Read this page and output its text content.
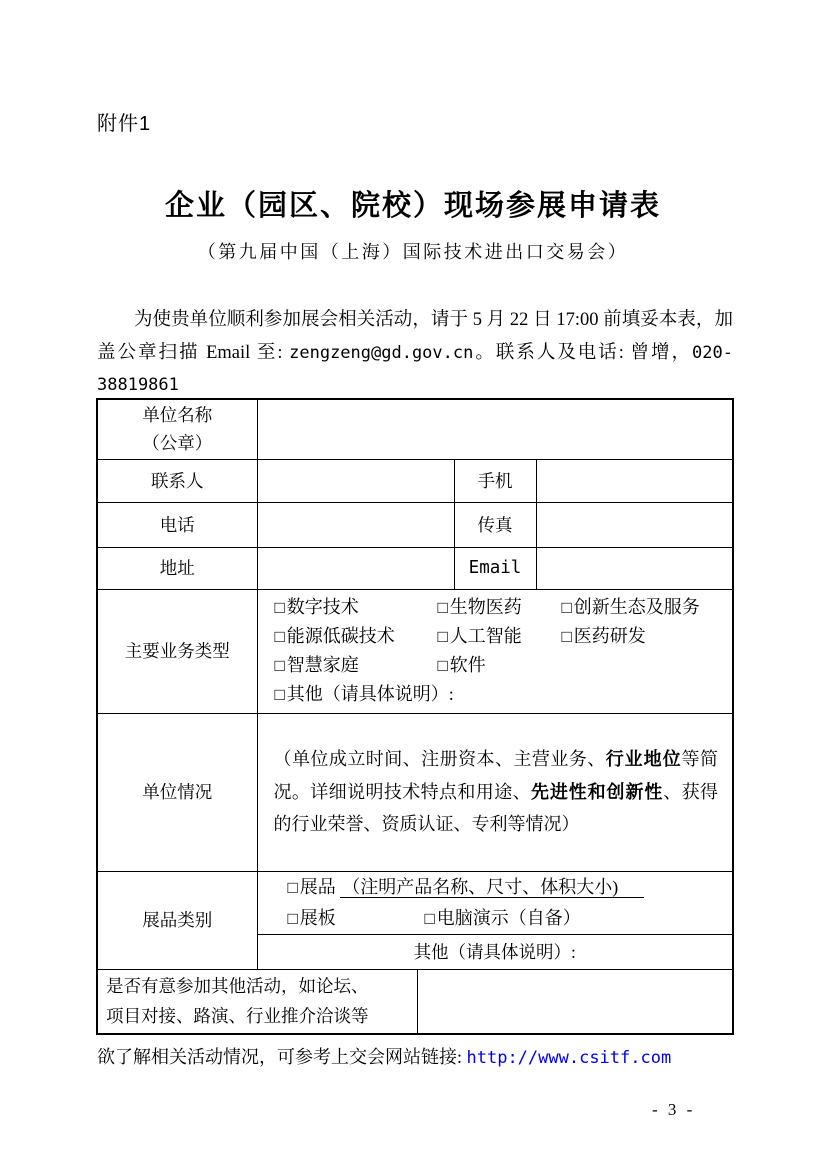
附件1
企业（园区、院校）现场参展申请表
（第九届中国（上海）国际技术进出口交易会）
为使贵单位顺利参加展会相关活动，请于 5 月 22 日 17:00 前填妥本表，加盖公章扫描 Email 至: zengzeng@gd.gov.cn。联系人及电话: 曾增，020-38819861
单位名称
（公章）				

联系人			手机	
电话			传真	
地址			Email	
主要业务类型	□ 数字技术 □ 生物医药 □ 创新生态及服务
□ 能源低碳技术 □ 人工智能 □ 医药研发
□ 智慧家庭 □ 软件
□ 其他（请具体说明）:			

单位情况	（单位成立时间、注册资本、主营业务、行业地位等简况。详细说明技术特点和用途、先进性和创新性、获得的行业荣誉、资质认证、专利等情况）			

展品类别	□ 展品 （注明产品名称、尺寸、体积大小)
□ 展板 □ 电脑演示（自备）			

	其他（请具体说明）:			

是否有意参加其他活动，如论坛、
项目对接、路演、行业推介洽谈等				

欲了解相关活动情况，可参考上交会网站链接: http://www.csitf.com
- 3 -
